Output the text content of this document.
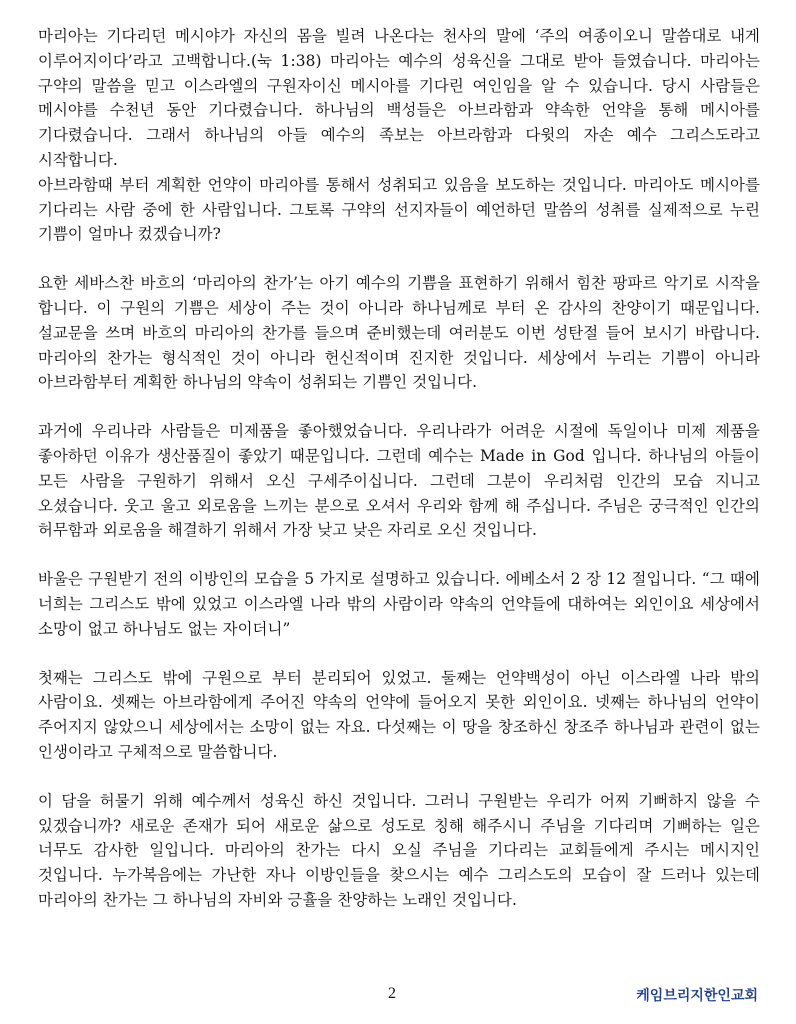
마리아는 기다리던 메시야가 자신의 몸을 빌려 나온다는 천사의 말에 ‘주의 여종이오니 말씀대로 내게 이루어지이다’라고 고백합니다.(눅 1:38) 마리아는 예수의 성육신을 그대로 받아 들였습니다. 마리아는 구약의 말씀을 믿고 이스라엘의 구원자이신 메시아를 기다린 여인임을 알 수 있습니다. 당시 사람들은 메시야를 수천년 동안 기다렸습니다. 하나님의 백성들은 아브라함과 약속한 언약을 통해 메시아를 기다렸습니다. 그래서 하나님의 아들 예수의 족보는 아브라함과 다윗의 자손 예수 그리스도라고 시작합니다.
아브라함때 부터 계획한 언약이 마리아를 통해서 성취되고 있음을 보도하는 것입니다. 마리아도 메시아를 기다리는 사람 중에 한 사람입니다. 그토록 구약의 선지자들이 예언하던 말씀의 성취를 실제적으로 누린 기쁨이 얼마나 컸겠습니까?

요한 세바스찬 바흐의 ‘마리아의 찬가’는 아기 예수의 기쁨을 표현하기 위해서 힘찬 팡파르 악기로 시작을 합니다. 이 구원의 기쁨은 세상이 주는 것이 아니라 하나님께로 부터 온 감사의 찬양이기 때문입니다. 설교문을 쓰며 바흐의 마리아의 찬가를 들으며 준비했는데 여러분도 이번 성탄절 들어 보시기 바랍니다. 마리아의 찬가는 형식적인 것이 아니라 헌신적이며 진지한 것입니다. 세상에서 누리는 기쁨이 아니라 아브라함부터 계획한 하나님의 약속이 성취되는 기쁨인 것입니다.

과거에 우리나라 사람들은 미제품을 좋아했었습니다. 우리나라가 어려운 시절에 독일이나 미제 제품을 좋아하던 이유가 생산품질이 좋았기 때문입니다. 그런데 예수는 Made in God 입니다. 하나님의 아들이 모든 사람을 구원하기 위해서 오신 구세주이십니다. 그런데 그분이 우리처럼 인간의 모습 지니고 오셨습니다. 웃고 울고 외로움을 느끼는 분으로 오셔서 우리와 함께 해 주십니다. 주님은 궁극적인 인간의 허무함과 외로움을 해결하기 위해서 가장 낮고 낮은 자리로 오신 것입니다.

바울은 구원받기 전의 이방인의 모습을 5 가지로 설명하고 있습니다. 에베소서 2 장 12 절입니다. “그 때에 너희는 그리스도 밖에 있었고 이스라엘 나라 밖의 사람이라 약속의 언약들에 대하여는 외인이요 세상에서 소망이 없고 하나님도 없는 자이더니”

첫째는 그리스도 밖에 구원으로 부터 분리되어 있었고. 둘째는 언약백성이 아닌 이스라엘 나라 밖의 사람이요. 셋째는 아브라함에게 주어진 약속의 언약에 들어오지 못한 외인이요. 넷째는 하나님의 언약이 주어지지 않았으니 세상에서는 소망이 없는 자요. 다섯째는 이 땅을 창조하신 창조주 하나님과 관련이 없는 인생이라고 구체적으로 말씀합니다.

이 담을 허물기 위해 예수께서 성육신 하신 것입니다. 그러니 구원받는 우리가 어찌 기뻐하지 않을 수 있겠습니까? 새로운 존재가 되어 새로운 삶으로 성도로 칭해 해주시니 주님을 기다리며 기뻐하는 일은 너무도 감사한 일입니다. 마리아의 찬가는 다시 오실 주님을 기다리는 교회들에게 주시는 메시지인 것입니다. 누가복음에는 가난한 자나 이방인들을 찾으시는 예수 그리스도의 모습이 잘 드러나 있는데 마리아의 찬가는 그 하나님의 자비와 긍휼을 찬양하는 노래인 것입니다.

2	케임브리지한인교회
